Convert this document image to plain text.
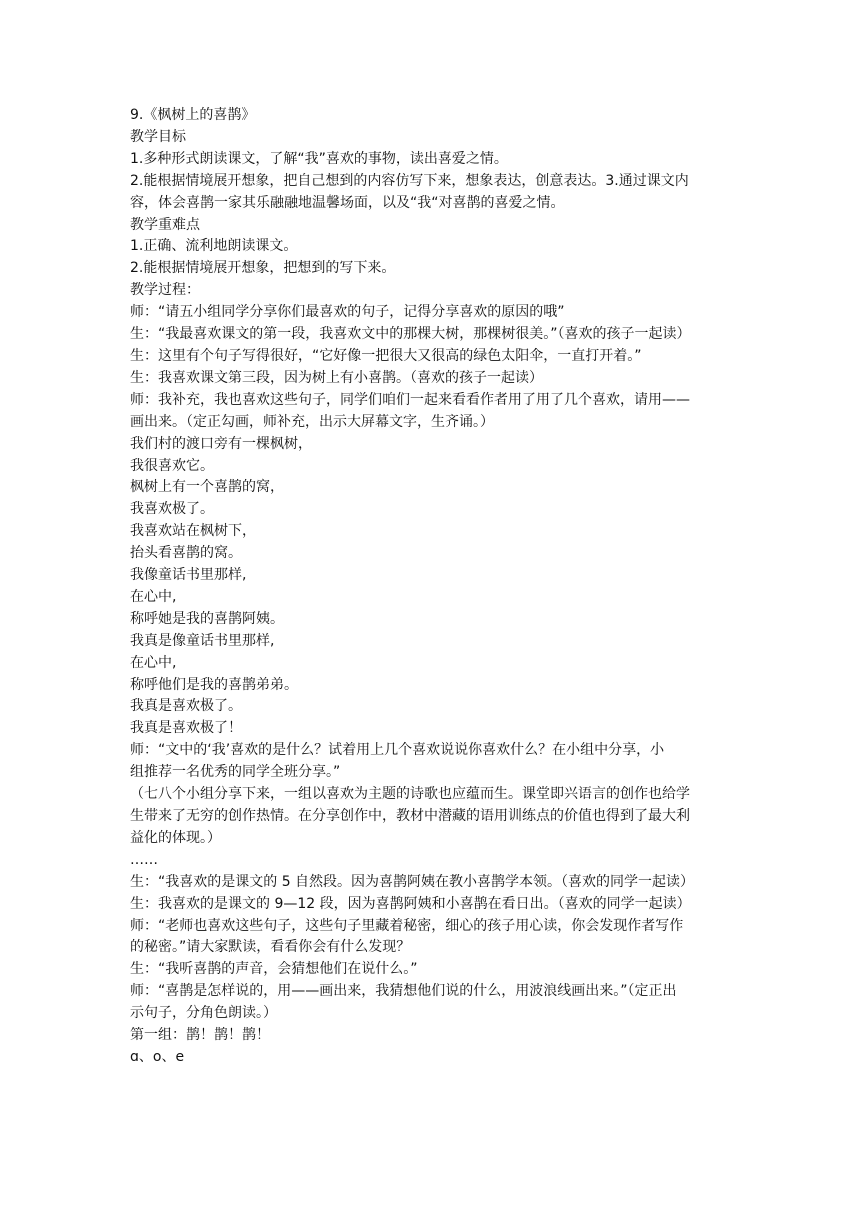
9.《枫树上的喜鹊》

教学目标

1.多种形式朗读课文，了解“我”喜欢的事物，读出喜爱之情。

2.能根据情境展开想象，把自己想到的内容仿写下来，想象表达，创意表达。3.通过课文内

容，体会喜鹊一家其乐融融地温馨场面，以及“我“对喜鹊的喜爱之情。

教学重难点

1.正确、流利地朗读课文。

2.能根据情境展开想象，把想到的写下来。

教学过程：

师：“请五小组同学分享你们最喜欢的句子，记得分享喜欢的原因的哦”

生：“我最喜欢课文的第一段，我喜欢文中的那棵大树，那棵树很美。”（喜欢的孩子一起读）

生：这里有个句子写得很好，“它好像一把很大又很高的绿色太阳伞，一直打开着。”

生：我喜欢课文第三段，因为树上有小喜鹊。（喜欢的孩子一起读）

师：我补充，我也喜欢这些句子，同学们咱们一起来看看作者用了用了几个喜欢，请用——

画出来。（定正勾画，师补充，出示大屏幕文字，生齐诵。）

我们村的渡口旁有一棵枫树，

我很喜欢它。

枫树上有一个喜鹊的窝，

我喜欢极了。

我喜欢站在枫树下，

抬头看喜鹊的窝。

我像童话书里那样,

在心中,

称呼她是我的喜鹊阿姨。

我真是像童话书里那样,

在心中,

称呼他们是我的喜鹊弟弟。

我真是喜欢极了。

我真是喜欢极了！

师：“文中的‘我’喜欢的是什么？试着用上几个喜欢说说你喜欢什么？在小组中分享，小

组推荐一名优秀的同学全班分享。”

（七八个小组分享下来，一组以喜欢为主题的诗歌也应蕴而生。课堂即兴语言的创作也给学

生带来了无穷的创作热情。在分享创作中，教材中潜藏的语用训练点的价值也得到了最大利

益化的体现。）

……

生：“我喜欢的是课文的 5 自然段。因为喜鹊阿姨在教小喜鹊学本领。（喜欢的同学一起读）

生：我喜欢的是课文的 9—12 段，因为喜鹊阿姨和小喜鹊在看日出。（喜欢的同学一起读）

师：“老师也喜欢这些句子，这些句子里藏着秘密，细心的孩子用心读，你会发现作者写作

的秘密。”请大家默读，看看你会有什么发现？

生：“我听喜鹊的声音，会猜想他们在说什么。”

师：“喜鹊是怎样说的，用——画出来，我猜想他们说的什么，用波浪线画出来。”（定正出

示句子，分角色朗读。）

第一组：鹊！鹊！鹊！

ɑ、o、e
